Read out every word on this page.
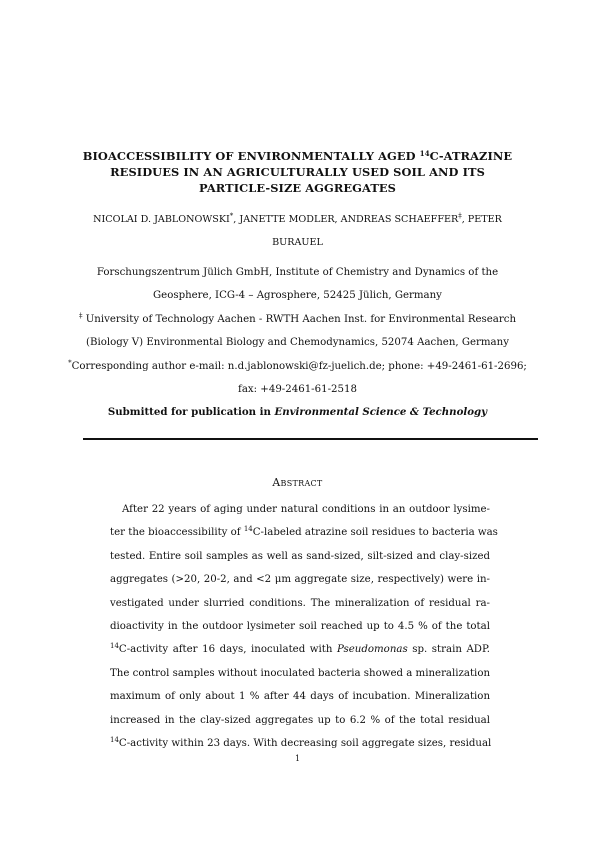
BIOACCESSIBILITY OF ENVIRONMENTALLY AGED $^{14}$C-ATRAZINE
RESIDUES IN AN AGRICULTURALLY USED SOIL AND ITS
PARTICLE-SIZE AGGREGATES
NICOLAI D. JABLONOWSKI*, JANETTE MODLER, ANDREAS SCHAEFFER‡, PETER
BURAUEL
Forschungszentrum Jülich GmbH, Institute of Chemistry and Dynamics of the
Geosphere, ICG-4 – Agrosphere, 52425 Jülich, Germany
‡ University of Technology Aachen - RWTH Aachen Inst. for Environmental Research
(Biology V) Environmental Biology and Chemodynamics, 52074 Aachen, Germany
*Corresponding author e-mail: n.d.jablonowski@fz-juelich.de; phone: +49-2461-61-2696;
fax: +49-2461-61-2518
Submitted for publication in Environmental Science & Technology
Abstract
After 22 years of aging under natural conditions in an outdoor lysime-
ter the bioaccessibility of $^{14}$C-labeled atrazine soil residues to bacteria was
tested. Entire soil samples as well as sand-sized, silt-sized and clay-sized
aggregates (>20, 20-2, and <2 μm aggregate size, respectively) were in-
vestigated under slurried conditions. The mineralization of residual ra-
dioactivity in the outdoor lysimeter soil reached up to 4.5 % of the total
$^{14}$C-activity after 16 days, inoculated with Pseudomonas sp. strain ADP.
The control samples without inoculated bacteria showed a mineralization
maximum of only about 1 % after 44 days of incubation. Mineralization
increased in the clay-sized aggregates up to 6.2 % of the total residual
$^{14}$C-activity within 23 days. With decreasing soil aggregate sizes, residual
1
